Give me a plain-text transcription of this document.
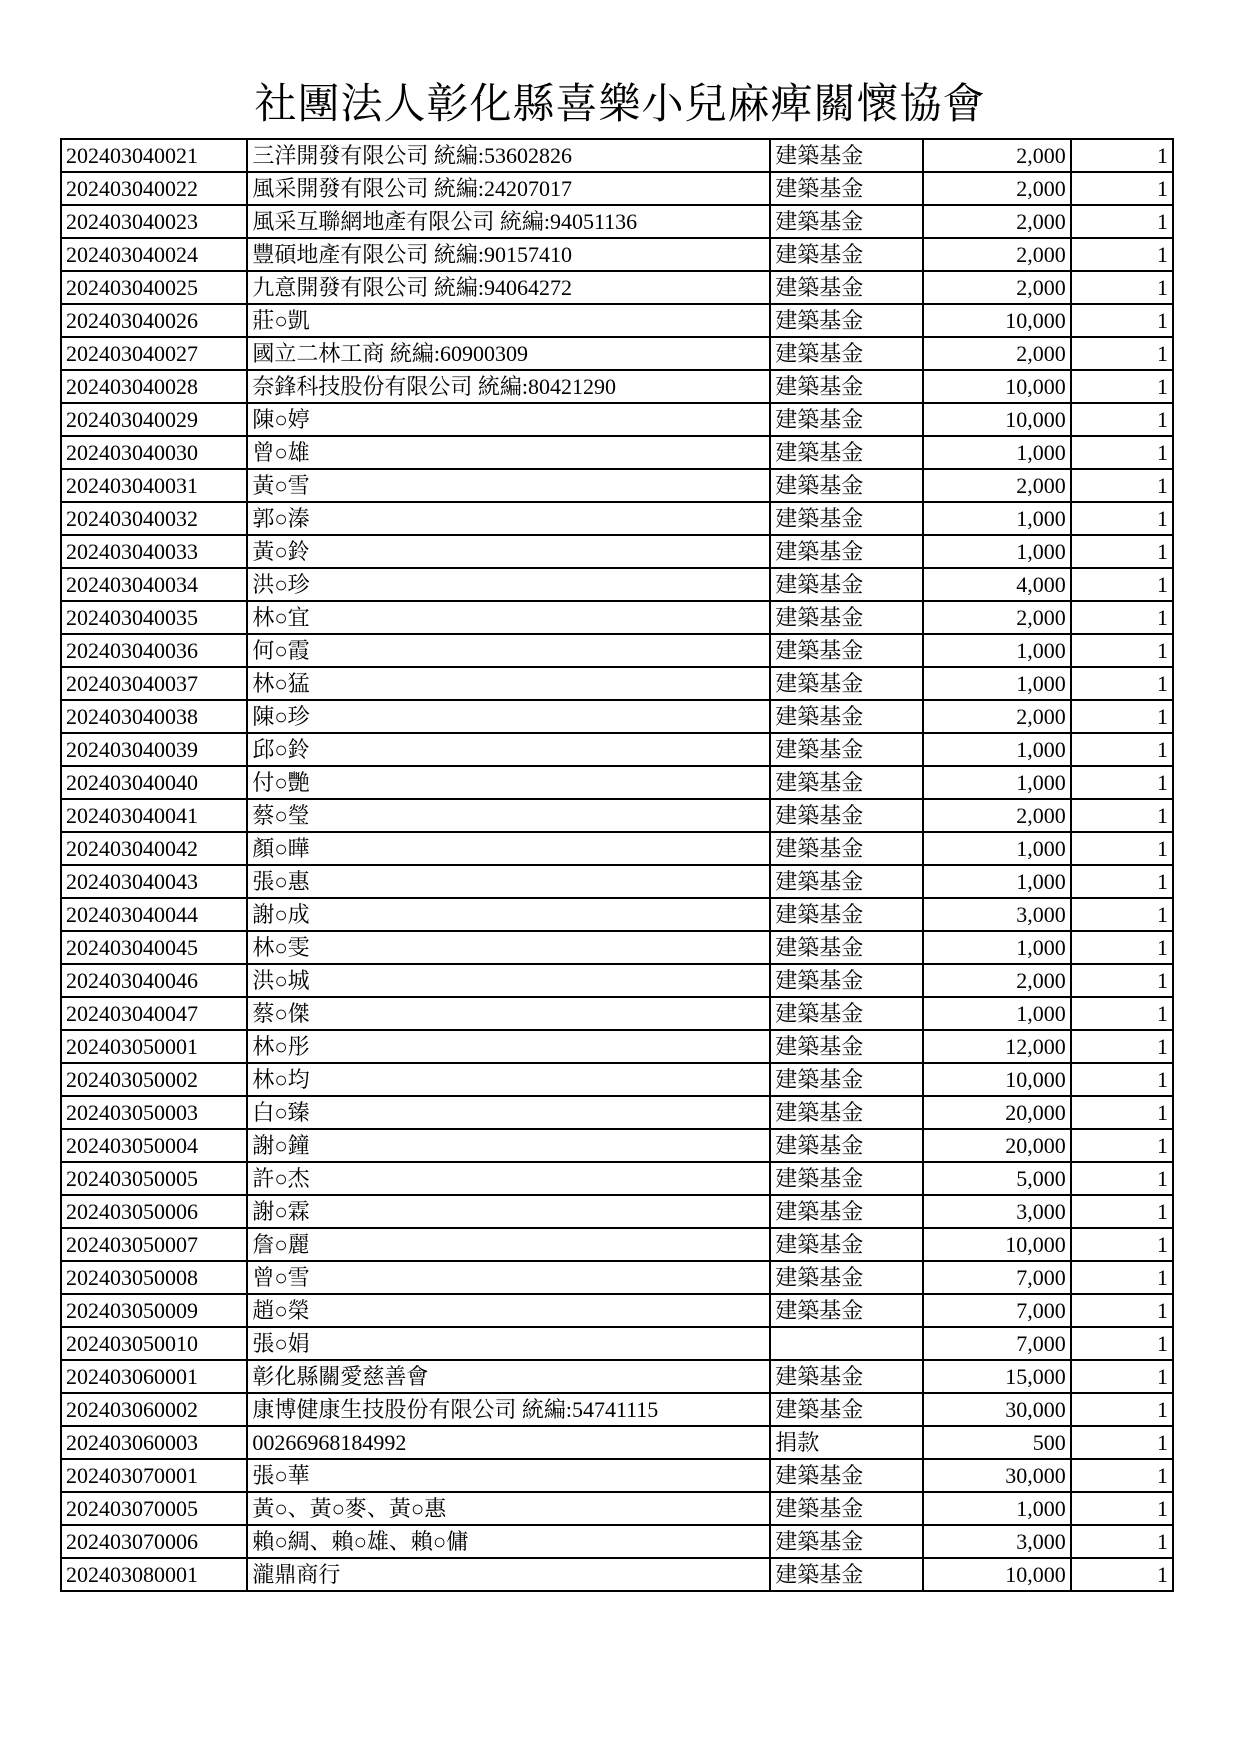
社團法人彰化縣喜樂小兒麻痺關懷協會
202403040021	三洋開發有限公司 統編:53602826	建築基金	2,000	1
202403040022	風采開發有限公司 統編:24207017	建築基金	2,000	1
202403040023	風采互聯網地產有限公司 統編:94051136	建築基金	2,000	1
202403040024	豐碩地產有限公司 統編:90157410	建築基金	2,000	1
202403040025	九意開發有限公司 統編:94064272	建築基金	2,000	1
202403040026	莊○凱	建築基金	10,000	1
202403040027	國立二林工商 統編:60900309	建築基金	2,000	1
202403040028	奈鋒科技股份有限公司 統編:80421290	建築基金	10,000	1
202403040029	陳○婷	建築基金	10,000	1
202403040030	曾○雄	建築基金	1,000	1
202403040031	黃○雪	建築基金	2,000	1
202403040032	郭○溱	建築基金	1,000	1
202403040033	黃○鈴	建築基金	1,000	1
202403040034	洪○珍	建築基金	4,000	1
202403040035	林○宜	建築基金	2,000	1
202403040036	何○霞	建築基金	1,000	1
202403040037	林○猛	建築基金	1,000	1
202403040038	陳○珍	建築基金	2,000	1
202403040039	邱○鈴	建築基金	1,000	1
202403040040	付○艷	建築基金	1,000	1
202403040041	蔡○瑩	建築基金	2,000	1
202403040042	顏○曄	建築基金	1,000	1
202403040043	張○惠	建築基金	1,000	1
202403040044	謝○成	建築基金	3,000	1
202403040045	林○雯	建築基金	1,000	1
202403040046	洪○城	建築基金	2,000	1
202403040047	蔡○傑	建築基金	1,000	1
202403050001	林○彤	建築基金	12,000	1
202403050002	林○均	建築基金	10,000	1
202403050003	白○臻	建築基金	20,000	1
202403050004	謝○鐘	建築基金	20,000	1
202403050005	許○杰	建築基金	5,000	1
202403050006	謝○霖	建築基金	3,000	1
202403050007	詹○麗	建築基金	10,000	1
202403050008	曾○雪	建築基金	7,000	1
202403050009	趙○榮	建築基金	7,000	1
202403050010	張○娟		7,000	1
202403060001	彰化縣關愛慈善會	建築基金	15,000	1
202403060002	康博健康生技股份有限公司 統編:54741115	建築基金	30,000	1
202403060003	00266968184992	捐款	500	1
202403070001	張○華	建築基金	30,000	1
202403070005	黃○、黃○麥、黃○惠	建築基金	1,000	1
202403070006	賴○綢、賴○雄、賴○傭	建築基金	3,000	1
202403080001	瀧鼎商行	建築基金	10,000	1
